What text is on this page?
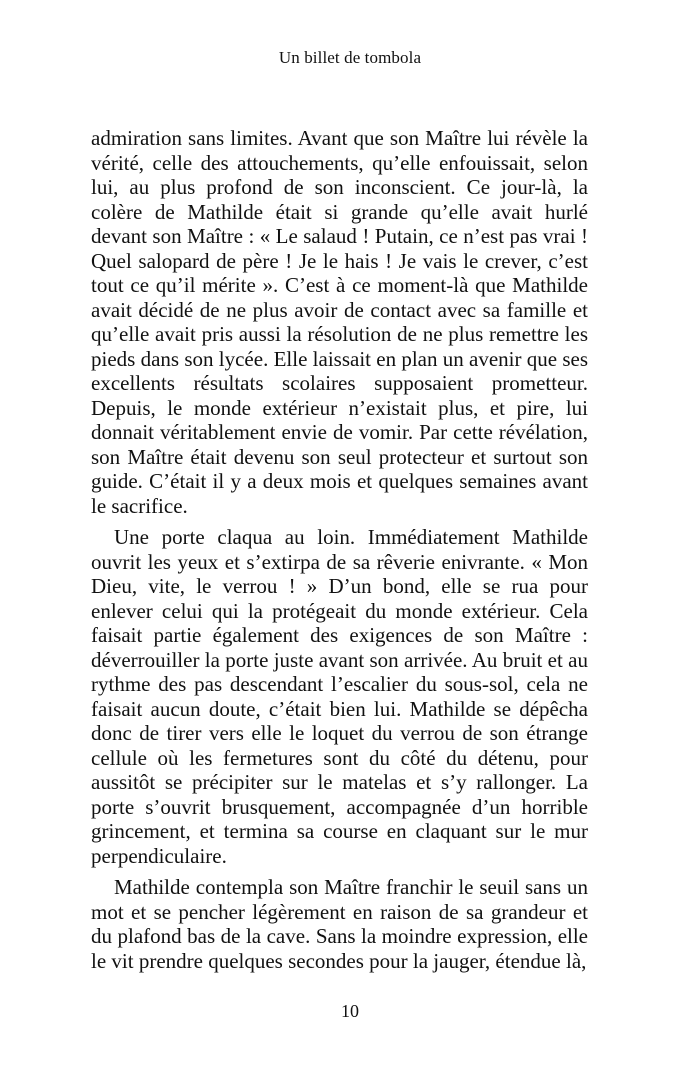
Un billet de tombola

admiration sans limites. Avant que son Maître lui révèle la vérité, celle des attouchements, qu’elle enfouissait, selon lui, au plus profond de son inconscient. Ce jour-là, la colère de Mathilde était si grande qu’elle avait hurlé devant son Maître : « Le salaud ! Putain, ce n’est pas vrai ! Quel salopard de père ! Je le hais ! Je vais le crever, c’est tout ce qu’il mérite ». C’est à ce moment-là que Mathilde avait décidé de ne plus avoir de contact avec sa famille et qu’elle avait pris aussi la résolution de ne plus remettre les pieds dans son lycée. Elle laissait en plan un avenir que ses excellents résultats scolaires supposaient prometteur. Depuis, le monde extérieur n’existait plus, et pire, lui donnait véritablement envie de vomir. Par cette révélation, son Maître était devenu son seul protecteur et surtout son guide. C’était il y a deux mois et quelques semaines avant le sacrifice.

Une porte claqua au loin. Immédiatement Mathilde ouvrit les yeux et s’extirpa de sa rêverie enivrante. « Mon Dieu, vite, le verrou ! » D’un bond, elle se rua pour enlever celui qui la protégeait du monde extérieur. Cela faisait partie également des exigences de son Maître : déverrouiller la porte juste avant son arrivée. Au bruit et au rythme des pas descendant l’escalier du sous-sol, cela ne faisait aucun doute, c’était bien lui. Mathilde se dépêcha donc de tirer vers elle le loquet du verrou de son étrange cellule où les fermetures sont du côté du détenu, pour aussitôt se précipiter sur le matelas et s’y rallonger. La porte s’ouvrit brusquement, accompagnée d’un horrible grincement, et termina sa course en claquant sur le mur perpendiculaire.

Mathilde contempla son Maître franchir le seuil sans un mot et se pencher légèrement en raison de sa grandeur et du plafond bas de la cave. Sans la moindre expression, elle le vit prendre quelques secondes pour la jauger, étendue là,

10
